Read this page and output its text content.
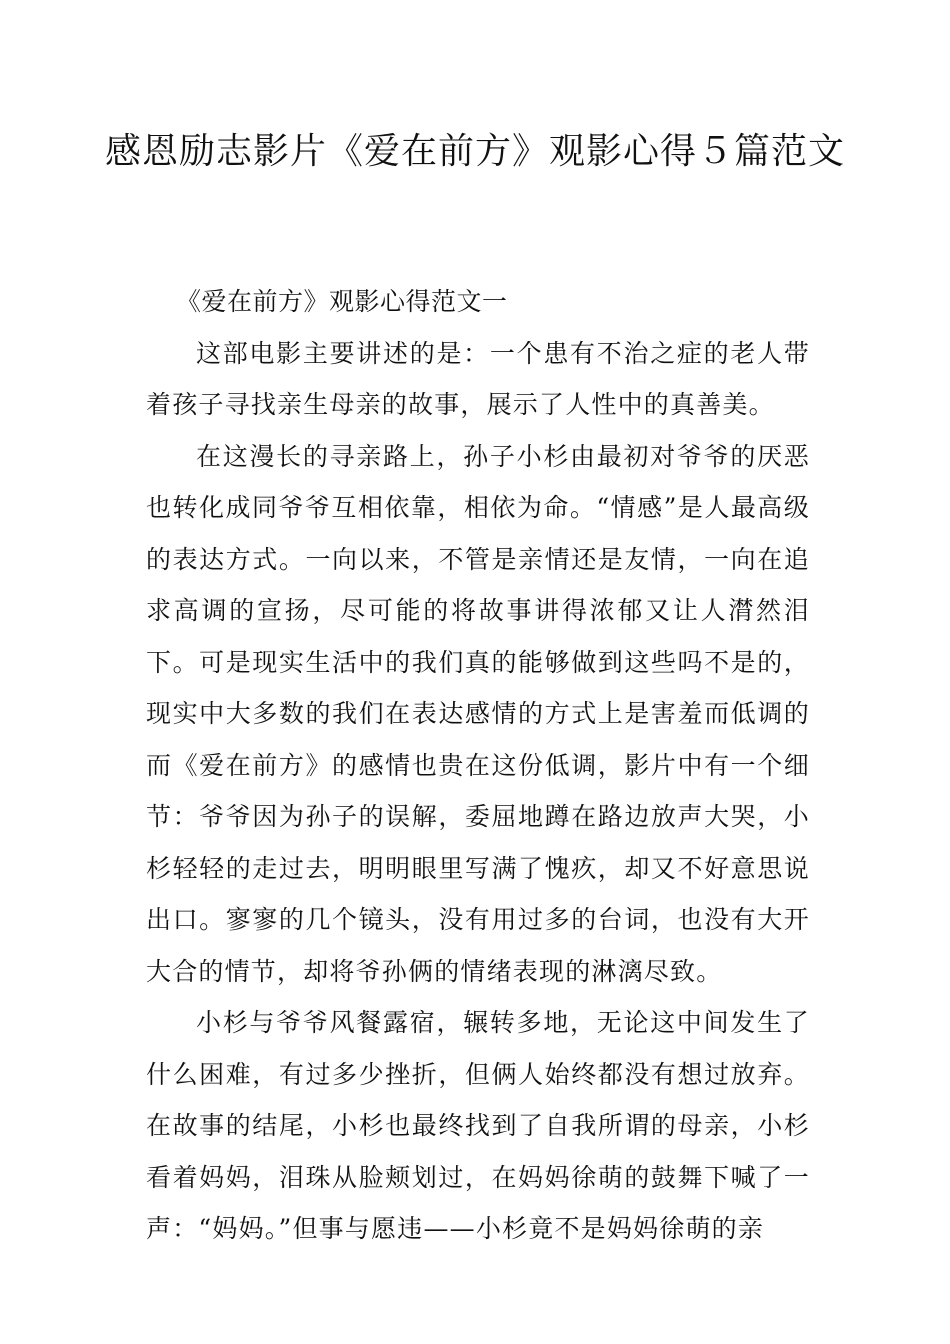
感恩励志影片《爱在前方》观影心得５篇范文

《爱在前方》观影心得范文一

这部电影主要讲述的是：一个患有不治之症的老人带着孩子寻找亲生母亲的故事，展示了人性中的真善美。

在这漫长的寻亲路上，孙子小杉由最初对爷爷的厌恶也转化成同爷爷互相依靠，相依为命。“情感”是人最高级的表达方式。一向以来，不管是亲情还是友情，一向在追求高调的宣扬，尽可能的将故事讲得浓郁又让人潸然泪下。可是现实生活中的我们真的能够做到这些吗不是的，现实中大多数的我们在表达感情的方式上是害羞而低调的而《爱在前方》的感情也贵在这份低调，影片中有一个细节：爷爷因为孙子的误解，委屈地蹲在路边放声大哭，小杉轻轻的走过去，明明眼里写满了愧疚，却又不好意思说出口。寥寥的几个镜头，没有用过多的台词，也没有大开大合的情节，却将爷孙俩的情绪表现的淋漓尽致。

小杉与爷爷风餐露宿，辗转多地，无论这中间发生了什么困难，有过多少挫折，但俩人始终都没有想过放弃。在故事的结尾，小杉也最终找到了自我所谓的母亲，小杉看着妈妈，泪珠从脸颊划过，在妈妈徐萌的鼓舞下喊了一声：“妈妈。”但事与愿违——小杉竟不是妈妈徐萌的亲
